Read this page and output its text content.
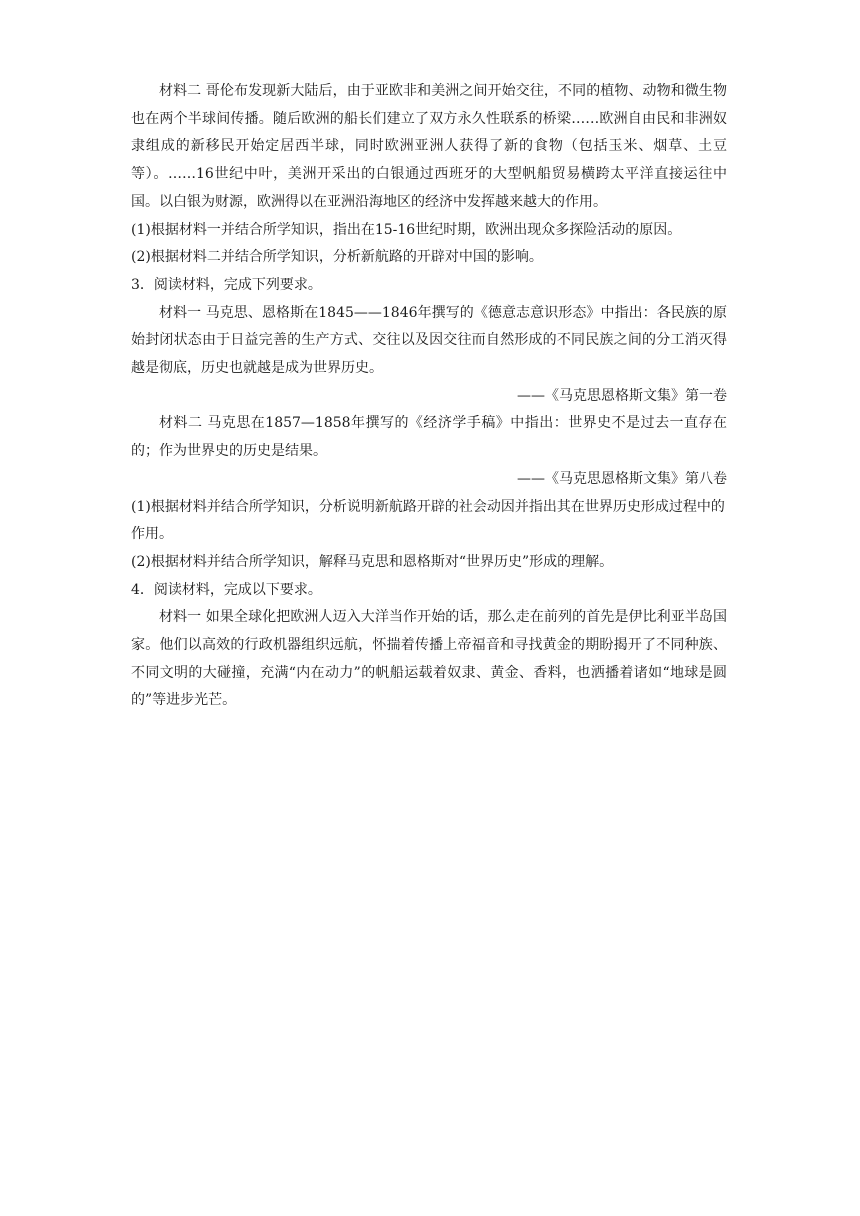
材料二 哥伦布发现新大陆后，由于亚欧非和美洲之间开始交往，不同的植物、动物和微生物也在两个半球间传播。随后欧洲的船长们建立了双方永久性联系的桥梁……欧洲自由民和非洲奴隶组成的新移民开始定居西半球，同时欧洲亚洲人获得了新的食物（包括玉米、烟草、土豆等）。……16世纪中叶，美洲开采出的白银通过西班牙的大型帆船贸易横跨太平洋直接运往中国。以白银为财源，欧洲得以在亚洲沿海地区的经济中发挥越来越大的作用。

(1)根据材料一并结合所学知识，指出在15-16世纪时期，欧洲出现众多探险活动的原因。

(2)根据材料二并结合所学知识，分析新航路的开辟对中国的影响。

3．阅读材料，完成下列要求。

材料一 马克思、恩格斯在1845——1846年撰写的《德意志意识形态》中指出：各民族的原始封闭状态由于日益完善的生产方式、交往以及因交往而自然形成的不同民族之间的分工消灭得越是彻底，历史也就越是成为世界历史。

——《马克思恩格斯文集》第一卷

材料二 马克思在1857—1858年撰写的《经济学手稿》中指出：世界史不是过去一直存在的；作为世界史的历史是结果。

——《马克思恩格斯文集》第八卷

(1)根据材料并结合所学知识，分析说明新航路开辟的社会动因并指出其在世界历史形成过程中的作用。

(2)根据材料并结合所学知识，解释马克思和恩格斯对“世界历史”形成的理解。

4．阅读材料，完成以下要求。

材料一 如果全球化把欧洲人迈入大洋当作开始的话，那么走在前列的首先是伊比利亚半岛国家。他们以高效的行政机器组织远航，怀揣着传播上帝福音和寻找黄金的期盼揭开了不同种族、不同文明的大碰撞，充满“内在动力”的帆船运载着奴隶、黄金、香料，也洒播着诸如“地球是圆的”等进步光芒。
